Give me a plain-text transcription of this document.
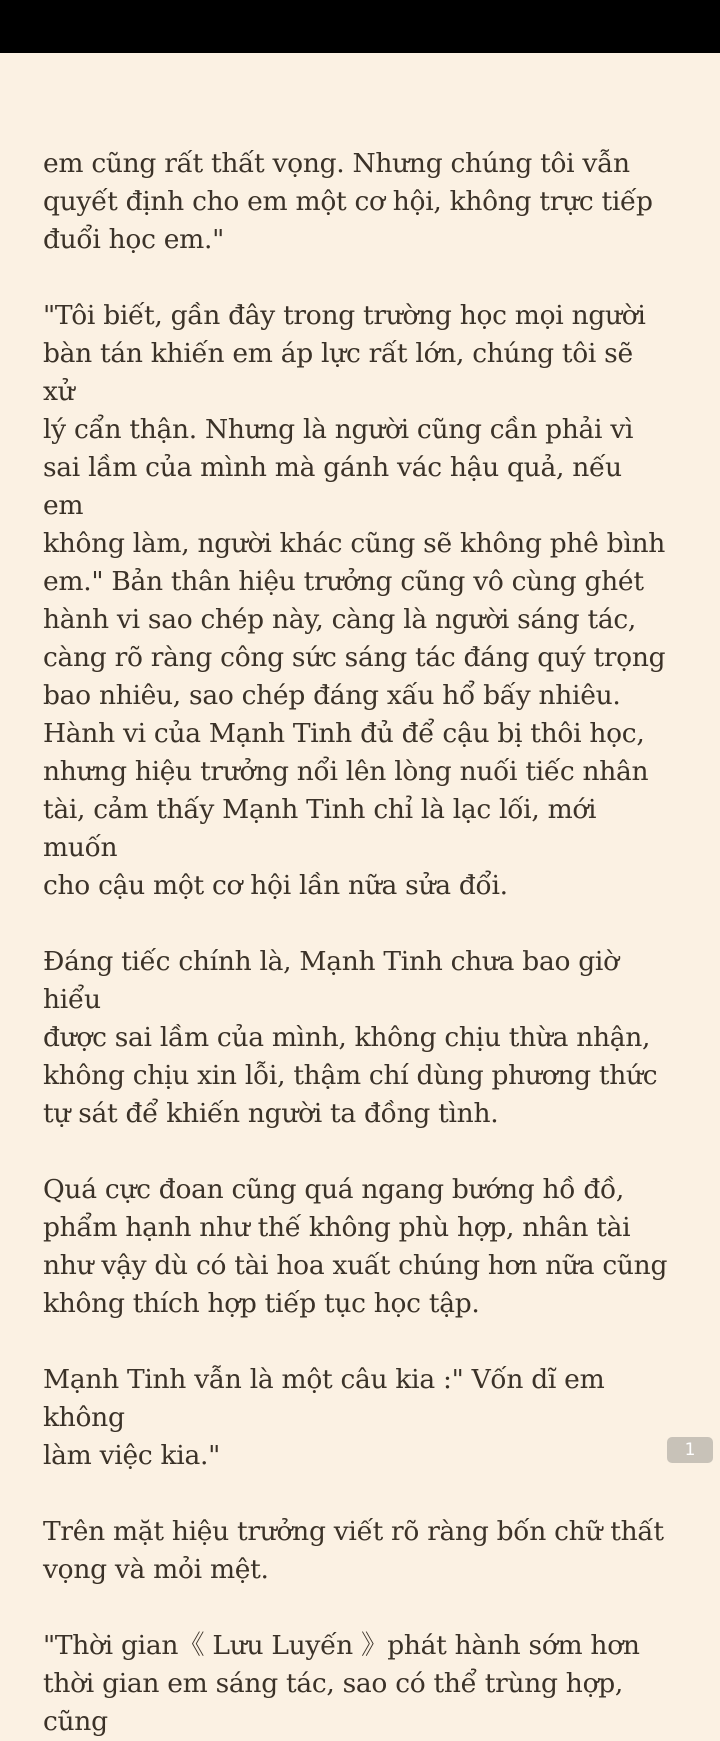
em cũng rất thất vọng. Nhưng chúng tôi vẫn
quyết định cho em một cơ hội, không trực tiếp
đuổi học em."

"Tôi biết, gần đây trong trường học mọi người
bàn tán khiến em áp lực rất lớn, chúng tôi sẽ xử
lý cẩn thận. Nhưng là người cũng cần phải vì
sai lầm của mình mà gánh vác hậu quả, nếu em
không làm, người khác cũng sẽ không phê bình
em." Bản thân hiệu trưởng cũng vô cùng ghét
hành vi sao chép này, càng là người sáng tác,
càng rõ ràng công sức sáng tác đáng quý trọng
bao nhiêu, sao chép đáng xấu hổ bấy nhiêu.
Hành vi của Mạnh Tinh đủ để cậu bị thôi học,
nhưng hiệu trưởng nổi lên lòng nuối tiếc nhân
tài, cảm thấy Mạnh Tinh chỉ là lạc lối, mới muốn
cho cậu một cơ hội lần nữa sửa đổi.

Đáng tiếc chính là, Mạnh Tinh chưa bao giờ hiểu
được sai lầm của mình, không chịu thừa nhận,
không chịu xin lỗi, thậm chí dùng phương thức
tự sát để khiến người ta đồng tình.

Quá cực đoan cũng quá ngang bướng hồ đồ,
phẩm hạnh như thế không phù hợp, nhân tài
như vậy dù có tài hoa xuất chúng hơn nữa cũng
không thích hợp tiếp tục học tập.

Mạnh Tinh vẫn là một câu kia :" Vốn dĩ em không
làm việc kia."

Trên mặt hiệu trưởng viết rõ ràng bốn chữ thất
vọng và mỏi mệt.

"Thời gian《 Lưu Luyến 》phát hành sớm hơn
thời gian em sáng tác, sao có thể trùng hợp, cũng

1
